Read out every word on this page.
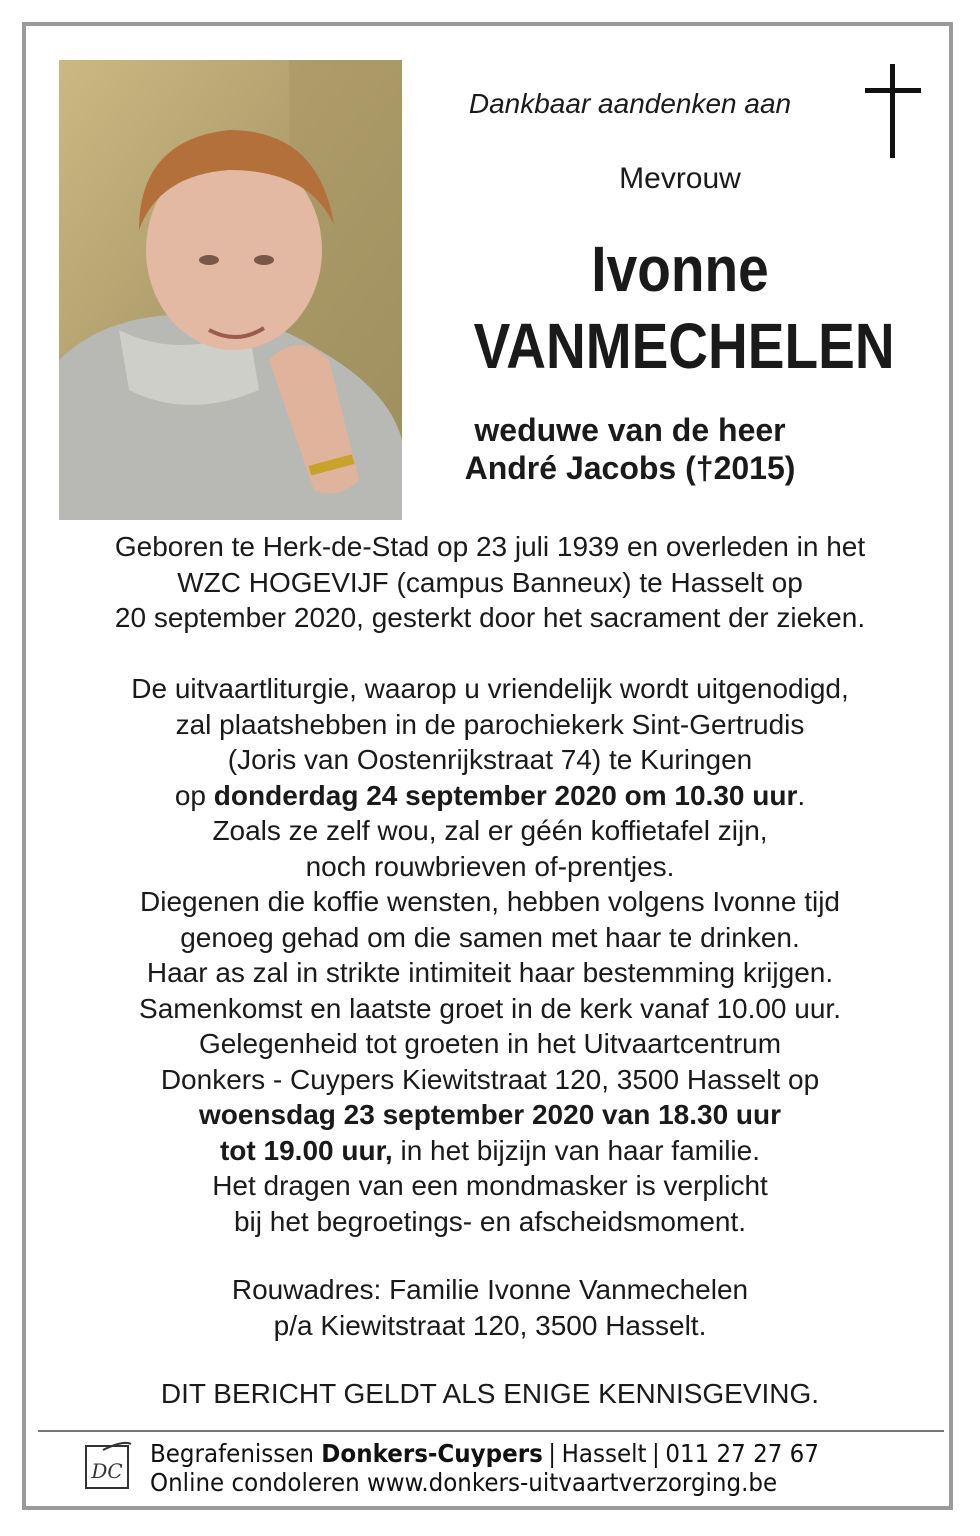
Dankbaar aandenken aan
Mevrouw
Ivonne
VANMECHELEN
weduwe van de heer
André Jacobs (†2015)
Geboren te Herk-de-Stad op 23 juli 1939 en overleden in het
WZC HOGEVIJF (campus Banneux) te Hasselt op
20 september 2020, gesterkt door het sacrament der zieken.
De uitvaartliturgie, waarop u vriendelijk wordt uitgenodigd,
zal plaatshebben in de parochiekerk Sint-Gertrudis
(Joris van Oostenrijkstraat 74) te Kuringen
op donderdag 24 september 2020 om 10.30 uur.
Zoals ze zelf wou, zal er géén koffietafel zijn,
noch rouwbrieven of-prentjes.
Diegenen die koffie wensten, hebben volgens Ivonne tijd
genoeg gehad om die samen met haar te drinken.
Haar as zal in strikte intimiteit haar bestemming krijgen.
Samenkomst en laatste groet in de kerk vanaf 10.00 uur.
Gelegenheid tot groeten in het Uitvaartcentrum
Donkers - Cuypers Kiewitstraat 120, 3500 Hasselt op
woensdag 23 september 2020 van 18.30 uur
tot 19.00 uur, in het bijzijn van haar familie.
Het dragen van een mondmasker is verplicht
bij het begroetings- en afscheidsmoment.
Rouwadres: Familie Ivonne Vanmechelen
p/a Kiewitstraat 120, 3500 Hasselt.
DIT BERICHT GELDT ALS ENIGE KENNISGEVING.
DC
Begrafenissen Donkers-Cuypers | Hasselt | 011 27 27 67
Online condoleren www.donkers-uitvaartverzorging.be
